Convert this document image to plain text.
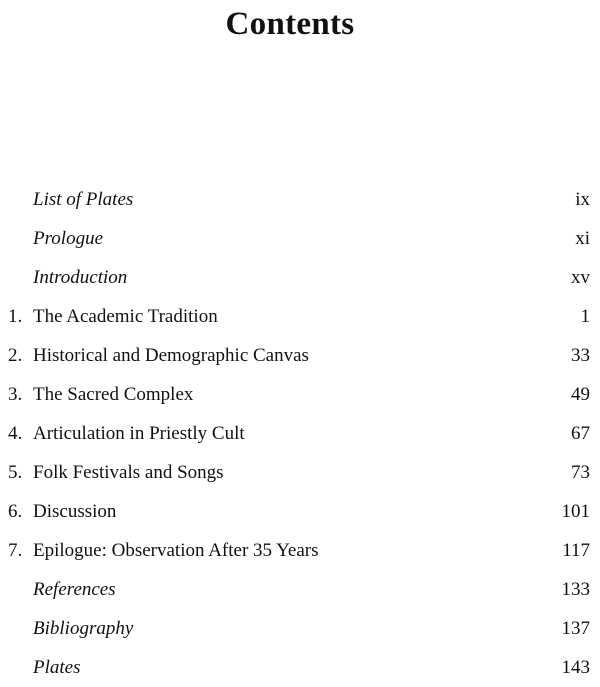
Contents
List of Plates	ix
Prologue	xi
Introduction	xv
1. The Academic Tradition	1
2. Historical and Demographic Canvas	33
3. The Sacred Complex	49
4. Articulation in Priestly Cult	67
5. Folk Festivals and Songs	73
6. Discussion	101
7. Epilogue: Observation After 35 Years	117
References	133
Bibliography	137
Plates	143
